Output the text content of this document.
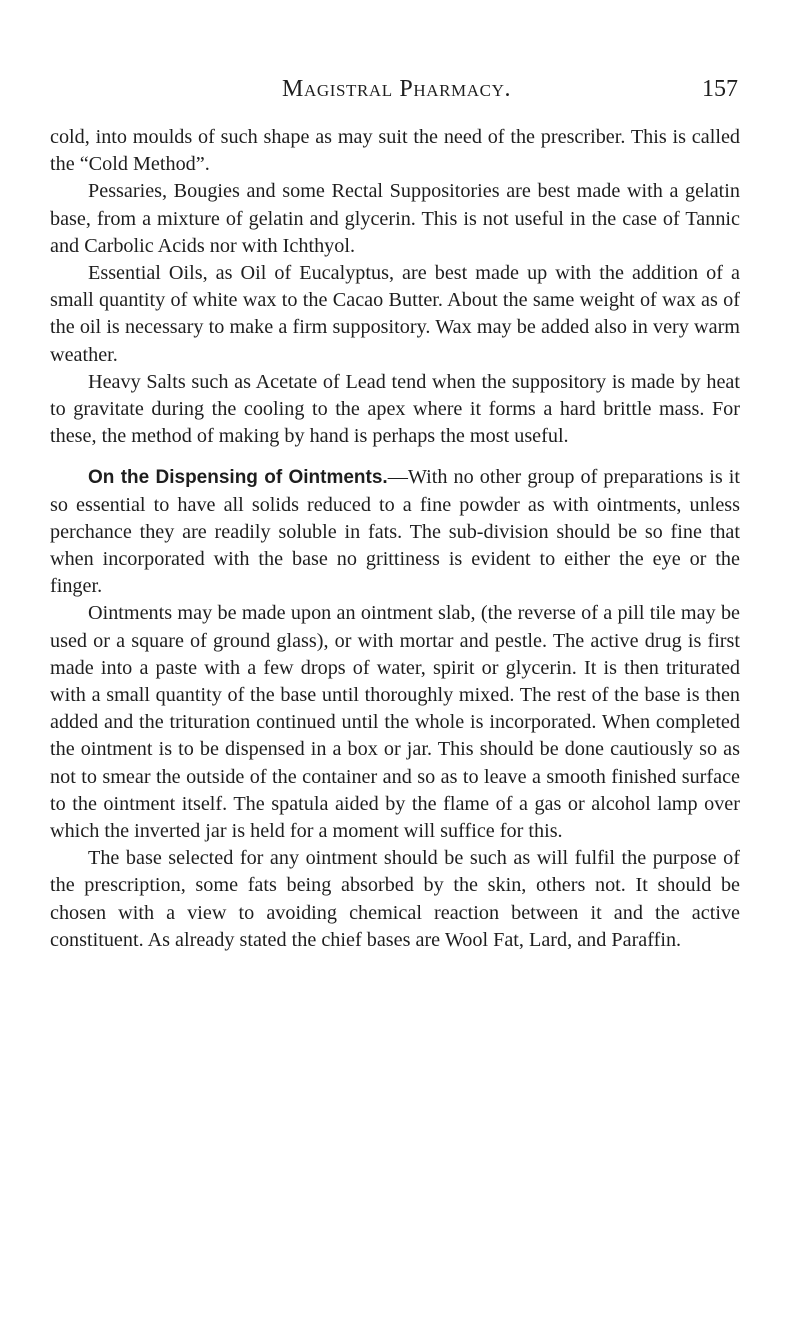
Magistral Pharmacy.	157

cold, into moulds of such shape as may suit the need of the prescriber. This is called the “Cold Method”.

Pessaries, Bougies and some Rectal Suppositories are best made with a gelatin base, from a mixture of gelatin and glycerin. This is not useful in the case of Tannic and Carbolic Acids nor with Ichthyol.

Essential Oils, as Oil of Eucalyptus, are best made up with the addition of a small quantity of white wax to the Cacao Butter. About the same weight of wax as of the oil is necessary to make a firm suppository. Wax may be added also in very warm weather.

Heavy Salts such as Acetate of Lead tend when the suppository is made by heat to gravitate during the cooling to the apex where it forms a hard brittle mass. For these, the method of making by hand is perhaps the most useful.

On the Dispensing of Ointments.—With no other group of preparations is it so essential to have all solids reduced to a fine powder as with ointments, unless perchance they are readily soluble in fats. The sub-division should be so fine that when incorporated with the base no grittiness is evident to either the eye or the finger.

Ointments may be made upon an ointment slab, (the reverse of a pill tile may be used or a square of ground glass), or with mortar and pestle. The active drug is first made into a paste with a few drops of water, spirit or glycerin. It is then triturated with a small quantity of the base until thoroughly mixed. The rest of the base is then added and the trituration continued until the whole is incorporated. When completed the ointment is to be dispensed in a box or jar. This should be done cautiously so as not to smear the outside of the container and so as to leave a smooth finished surface to the ointment itself. The spatula aided by the flame of a gas or alcohol lamp over which the inverted jar is held for a moment will suffice for this.

The base selected for any ointment should be such as will fulfil the purpose of the prescription, some fats being absorbed by the skin, others not. It should be chosen with a view to avoiding chemical reaction between it and the active constituent. As already stated the chief bases are Wool Fat, Lard, and Paraffin.
